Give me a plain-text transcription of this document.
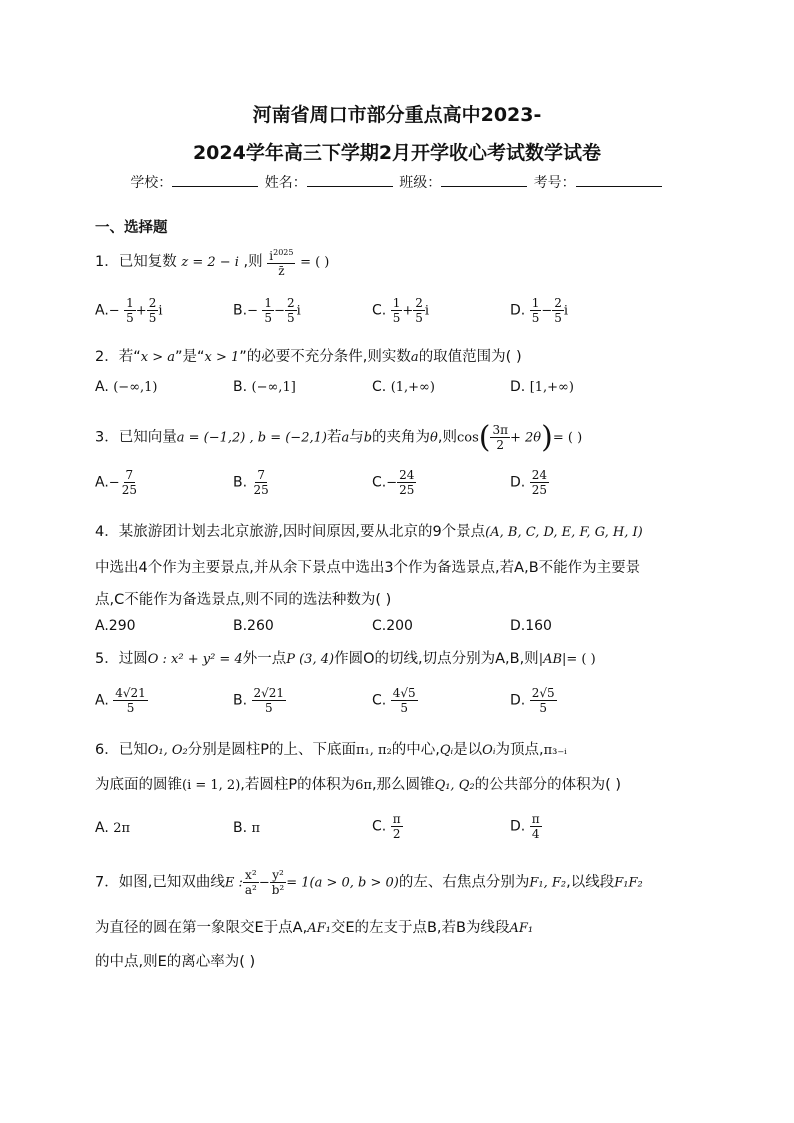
河南省周口市部分重点高中2023-
2024学年高三下学期2月开学收心考试数学试卷
学校：	姓名：	班级：	考号：
一、选择题
1．已知复数 z = 2 − i ,则 $\frac{i^{2025}}{z̄}$ = ( )
$A.- \frac{1}{5} + \frac{2}{5}$ i	$B.- \frac{1}{5} - \frac{2}{5}$ i	C. $\frac{1}{5} + \frac{2}{5}$ i	D. $\frac{1}{5} - \frac{2}{5}$ i
2．若“x > a”是“x > 1”的必要不充分条件,则实数a的取值范围为( )
A. (−∞,1)	B. (−∞,1]	C. (1,+∞)	D. [1,+∞)
3．已知向量a = (−1,2) , b = (−2,1)若a与b的夹角为θ,则$\cos( \frac{3\pi}{2} + 2\theta)=$ ( )
$A.- \frac{7}{25}$	B. $\frac{7}{25}$	$C.- \frac{24}{25}$	D. $\frac{24}{25}$
4．某旅游团计划去北京旅游,因时间原因,要从北京的9个景点(A, B, C, D, E, F, G, H, I)
中选出4个作为主要景点,并从余下景点中选出3个作为备选景点,若A,B不能作为主要景
点,C不能作为备选景点,则不同的选法种数为( )
A.290	B.260	C.200	D.160
5．过圆O : x² + y² = 4外一点P (3, 4)作圆O的切线,切点分别为A,B,则|AB|= ( )
A. $\frac{4√21}{5}$	B. $\frac{2√21}{5}$	C. $\frac{4√5}{5}$	D. $\frac{2√5}{5}$
6．已知O₁, O₂分别是圆柱P的上、下底面π₁, π₂的中心,Qᵢ是以Oᵢ为顶点,π₃₋ᵢ
为底面的圆锥(i = 1, 2),若圆柱P的体积为6π,那么圆锥Q₁, Q₂的公共部分的体积为( )
A. 2π	B. π	C. $\frac{\pi}{2}$	D. $\frac{\pi}{4}$
7．如图,已知双曲线E : $\frac{\text{x²}}{\text{a²}} - \frac{\text{y²}}{\text{b²}} = 1(a > 0$, b > 0)的左、右焦点分别为F₁, F₂,以线段F₁F₂
为直径的圆在第一象限交E于点A,AF₁交E的左支于点B,若B为线段AF₁
的中点,则E的离心率为( )
